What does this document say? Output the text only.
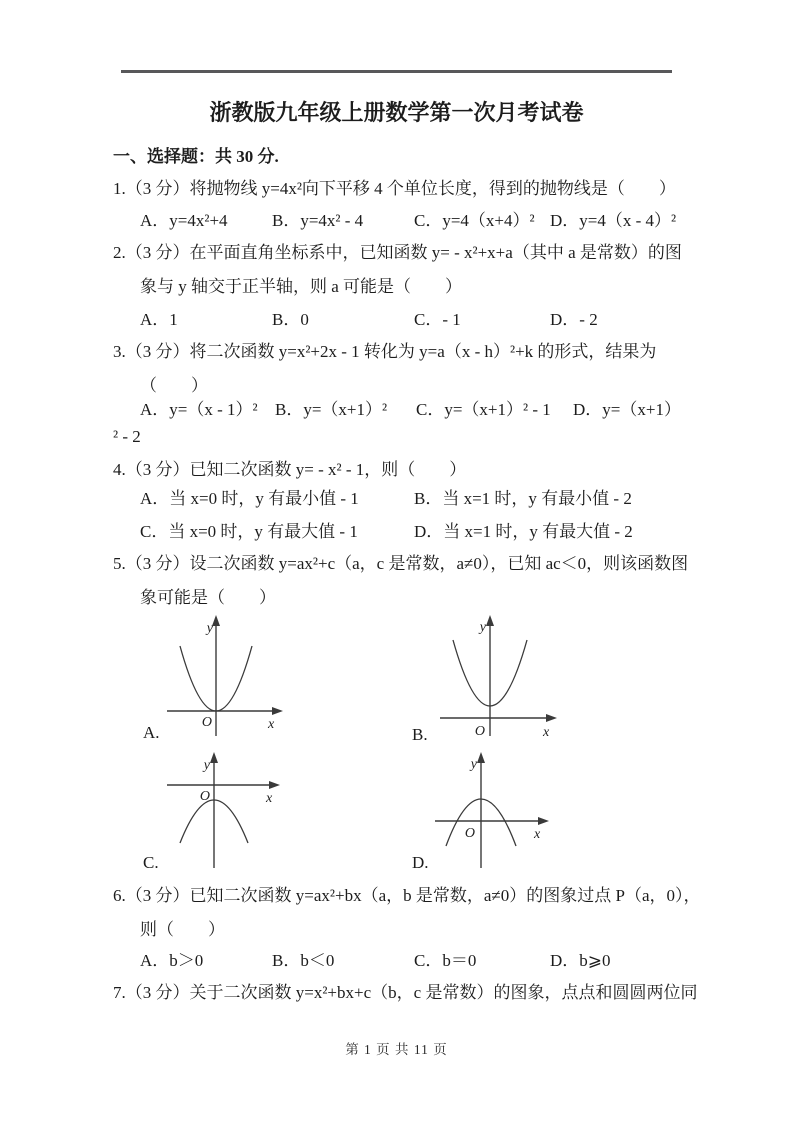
浙教版九年级上册数学第一次月考试卷
一、选择题：共 30 分.
1.（3 分）将抛物线 y=4x²向下平移 4 个单位长度，得到的抛物线是（　　）
A．y=4x²+4	B．y=4x² - 4	C．y=4（x+4）² D．y=4（x - 4）²
2.（3 分）在平面直角坐标系中，已知函数 y= - x²+x+a（其中 a 是常数）的图
象与 y 轴交于正半轴，则 a 可能是（　　）
A．1	B．0	C．- 1	D．- 2
3.（3 分）将二次函数 y=x²+2x - 1 转化为 y=a（x - h）²+k 的形式，结果为
（　　）
A．y=（x - 1）² B．y=（x+1）² C．y=（x+1）² - 1 D．y=（x+1）
² - 2
4.（3 分）已知二次函数 y= - x² - 1，则（　　）
A．当 x=0 时，y 有最小值 - 1	B．当 x=1 时，y 有最小值 - 2
C．当 x=0 时，y 有最大值 - 1	D．当 x=1 时，y 有最大值 - 2
5.（3 分）设二次函数 y=ax²+c（a，c 是常数，a≠0），已知 ac＜0，则该函数图
象可能是（　　）
y
O	x
A.
y
O	x
B.
y
O	x
C.
y
O	x
D.
6.（3 分）已知二次函数 y=ax²+bx（a，b 是常数，a≠0）的图象过点 P（a，0），
则（　　）
A．b＞0	B．b＜0	C．b＝0	D．b⩾0
7.（3 分）关于二次函数 y=x²+bx+c（b，c 是常数）的图象，点点和圆圆两位同
第 1 页 共 11 页
